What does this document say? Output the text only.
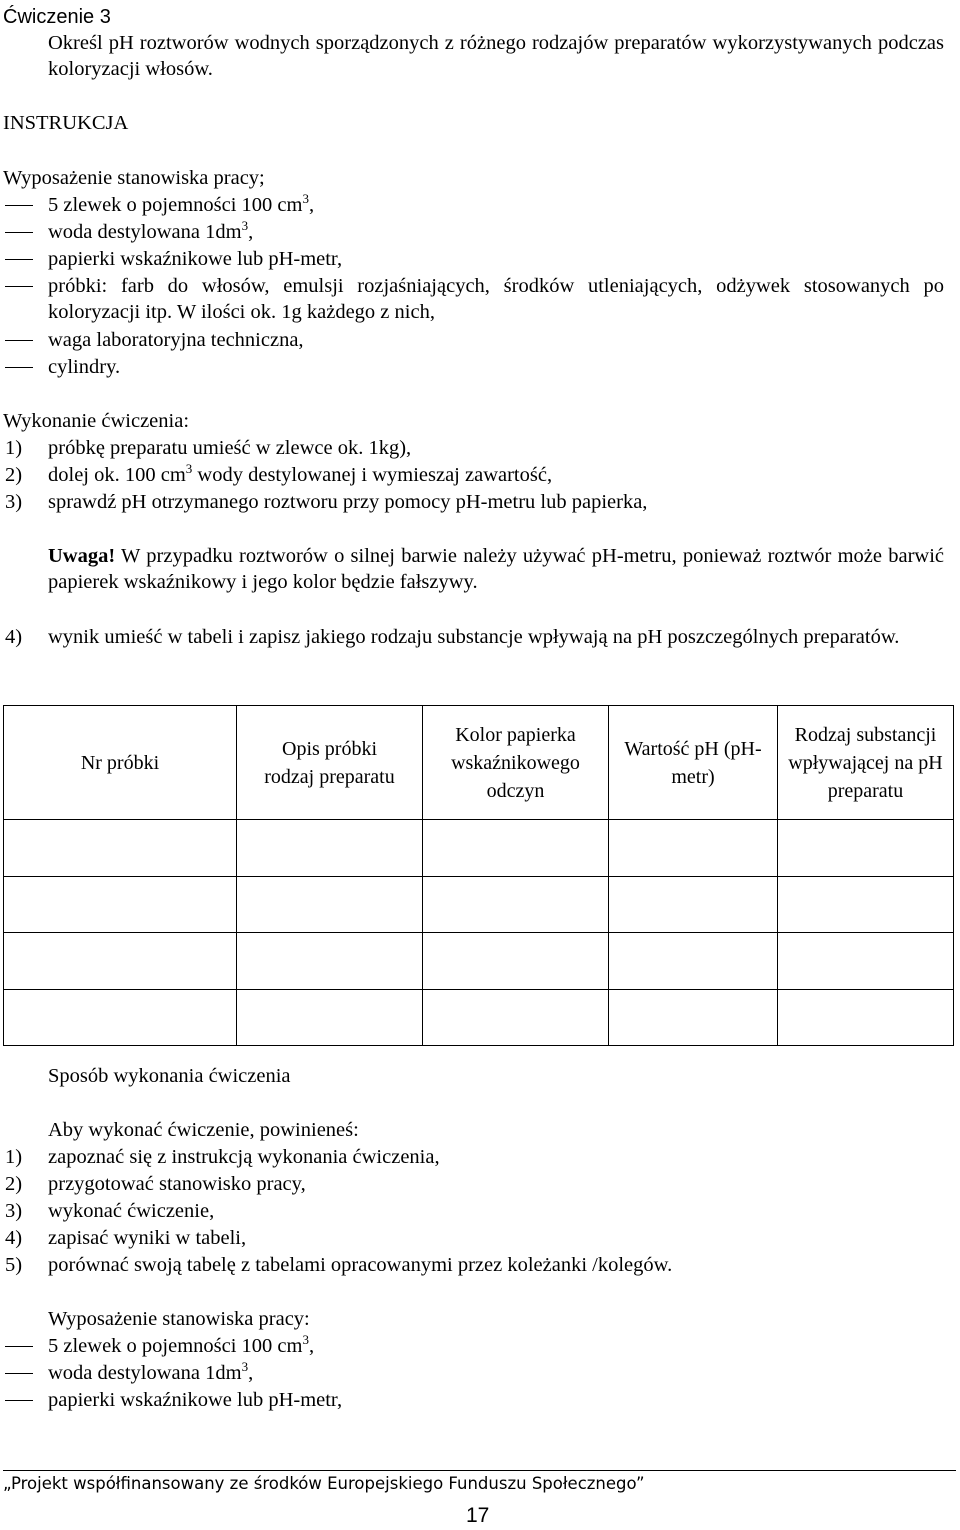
Ćwiczenie 3
Określ pH roztworów wodnych sporządzonych z różnego rodzajów preparatów wykorzystywanych podczas koloryzacji włosów.
INSTRUKCJA
Wyposażenie stanowiska pracy;
5 zlewek o pojemności 100 $cm^3$,
woda destylowana $1dm^3$,
papierki wskaźnikowe lub pH-metr,
próbki: farb do włosów, emulsji rozjaśniających, środków utleniających, odżywek stosowanych po koloryzacji itp. W ilości ok. 1g każdego z nich,
waga laboratoryjna techniczna,
cylindry.
Wykonanie ćwiczenia:
1) próbkę preparatu umieść w zlewce ok. 1kg),
2) dolej ok. 100 $cm^3$ wody destylowanej i wymieszaj zawartość,
3) sprawdź pH otrzymanego roztworu przy pomocy pH-metru lub papierka,
Uwaga! W przypadku roztworów o silnej barwie należy używać pH-metru, ponieważ roztwór może barwić papierek wskaźnikowy i jego kolor będzie fałszywy.
4) wynik umieść w tabeli i zapisz jakiego rodzaju substancje wpływają na pH poszczególnych preparatów.
Nr próbki	Opis próbki rodzaj preparatu	Kolor papierka wskaźnikowego odczyn	Wartość pH (pH-metr)	Rodzaj substancji wpływającej na pH preparatu

Sposób wykonania ćwiczenia
Aby wykonać ćwiczenie, powinieneś:
1) zapoznać się z instrukcją wykonania ćwiczenia,
2) przygotować stanowisko pracy,
3) wykonać ćwiczenie,
4) zapisać wyniki w tabeli,
5) porównać swoją tabelę z tabelami opracowanymi przez koleżanki /kolegów.
Wyposażenie stanowiska pracy:
5 zlewek o pojemności 100 $cm^3$,
woda destylowana $1dm^3$,
papierki wskaźnikowe lub pH-metr,
„Projekt współfinansowany ze środków Europejskiego Funduszu Społecznego”
17
